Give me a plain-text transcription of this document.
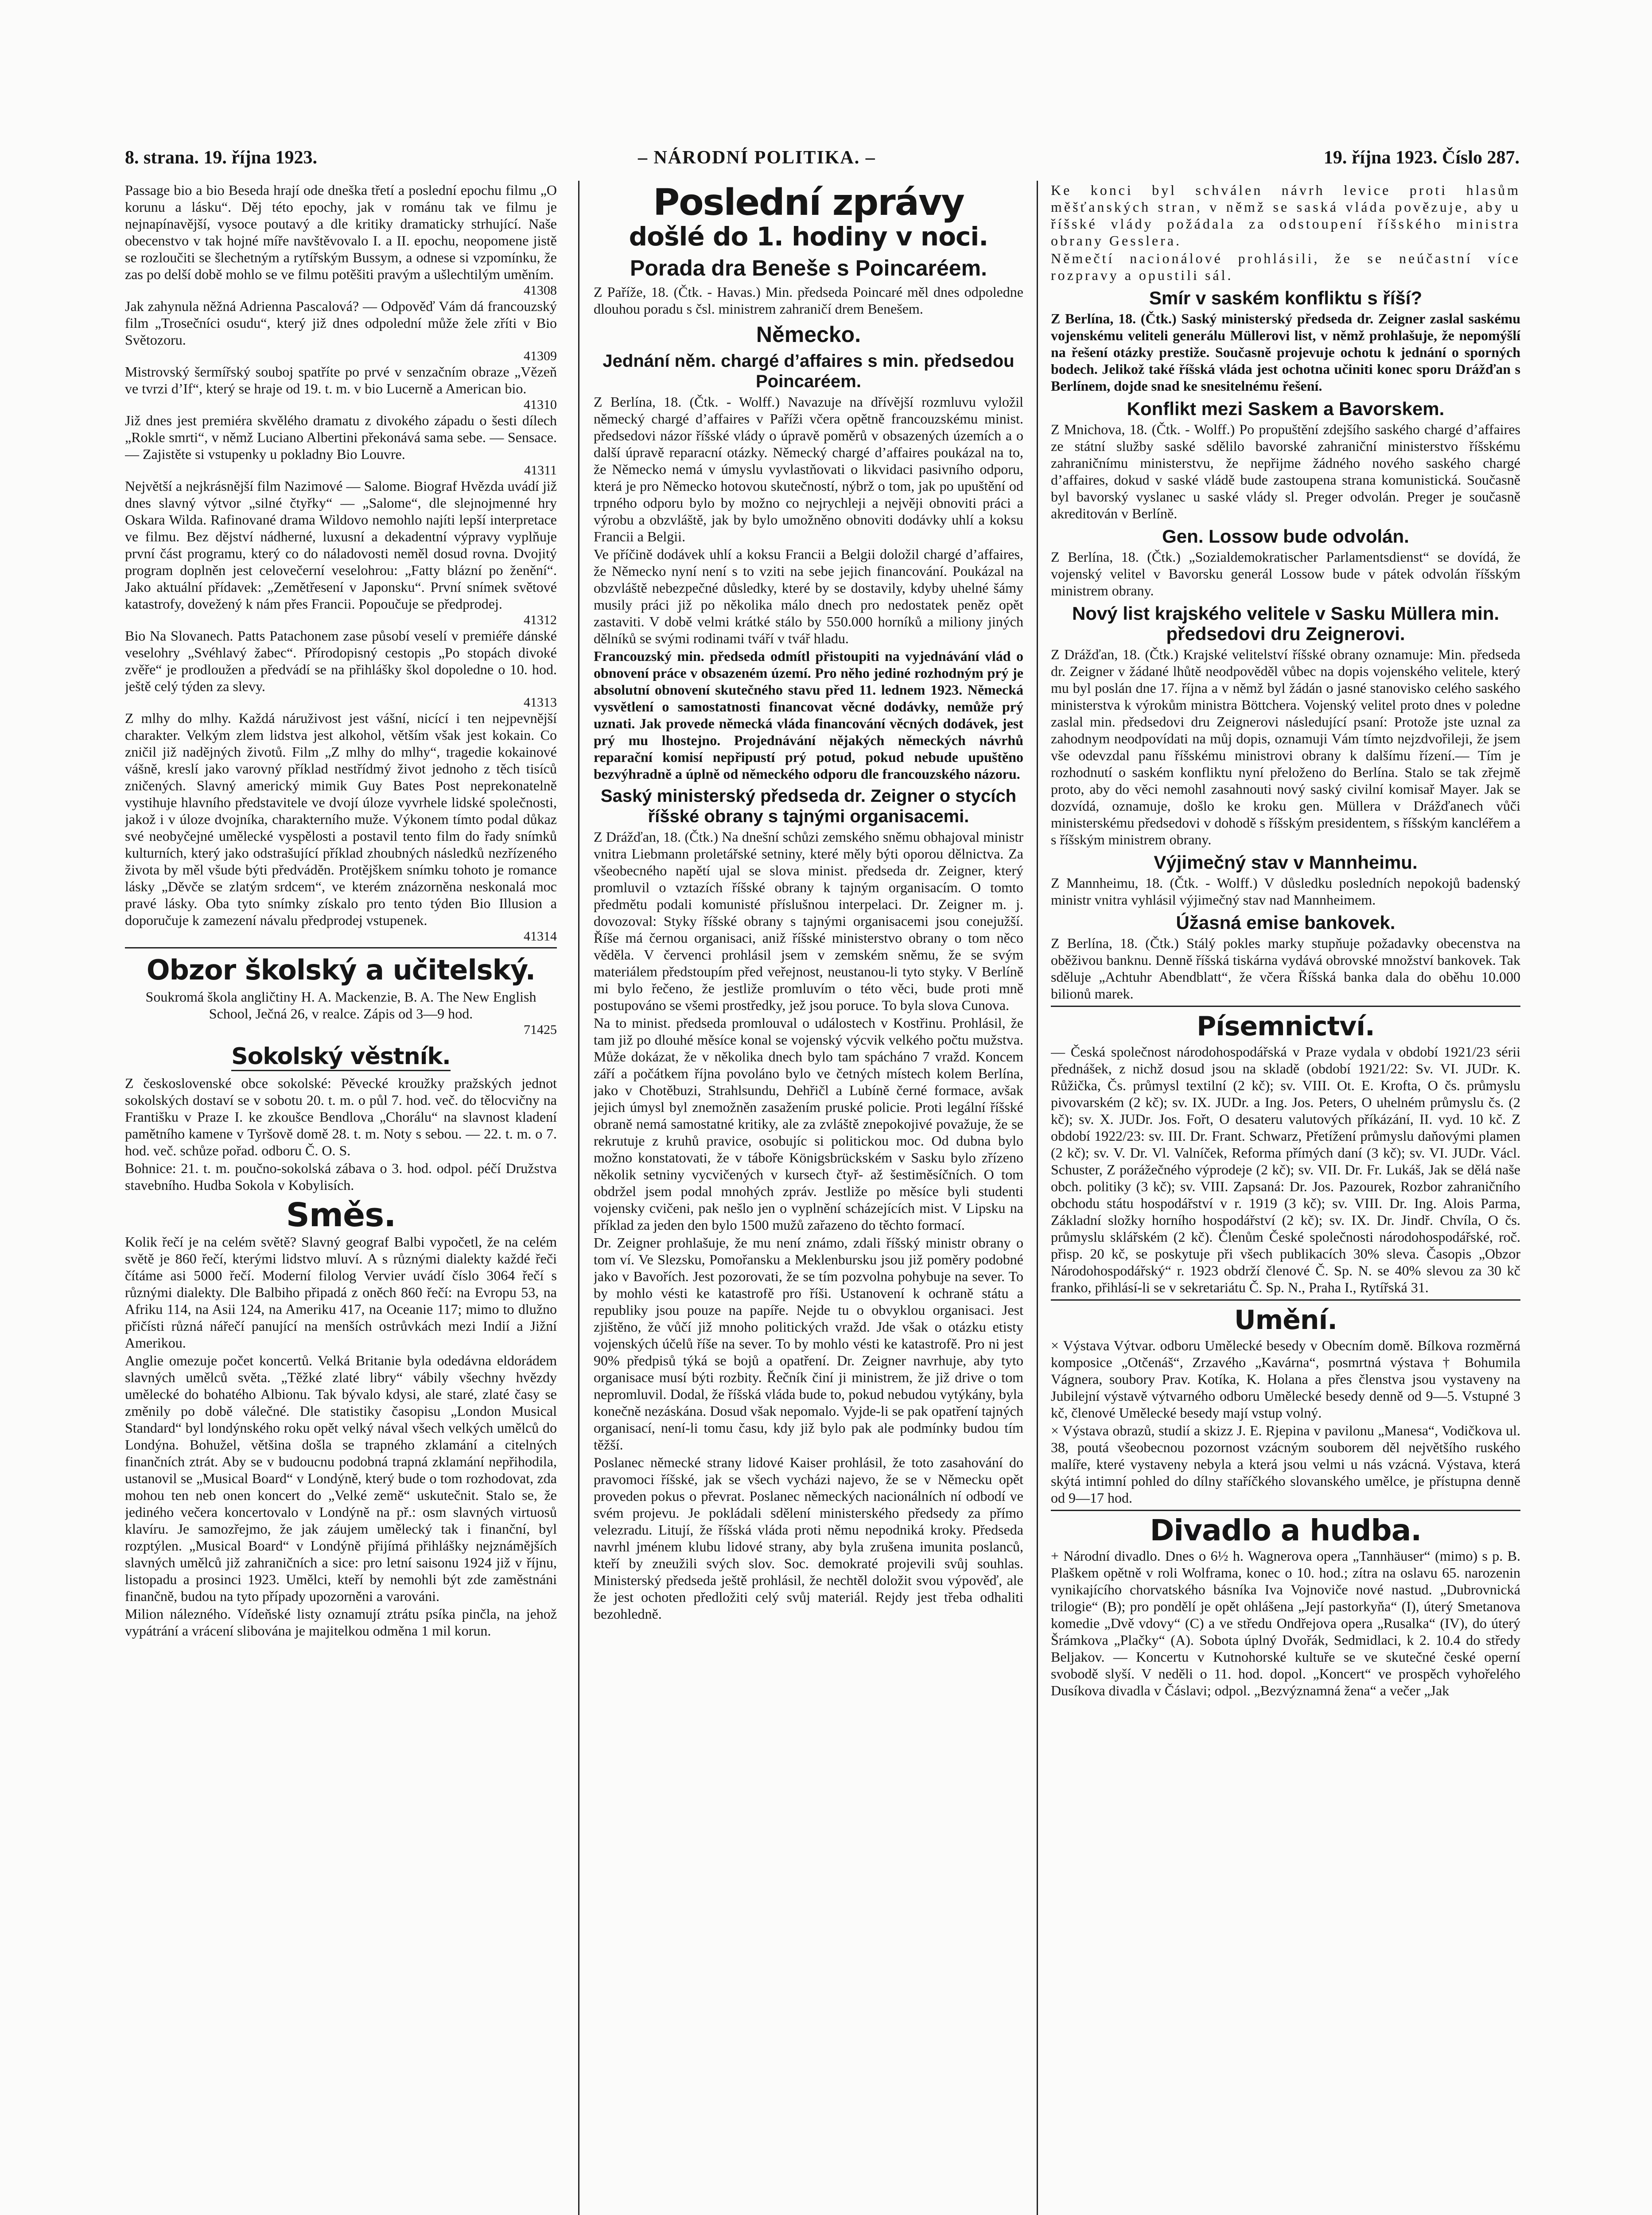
8. strana. 19. října 1923.	– NÁRODNÍ POLITIKA. –	19. října 1923. Číslo 287.
Passage bio a bio Beseda hrají ode dneška třetí a poslední epochu filmu „O korunu a lásku“. Děj této epochy, jak v románu tak ve filmu je nejnapínavější, vysoce poutavý a dle kritiky dramaticky strhující. Naše obecenstvo v tak hojné míře navštěvovalo I. a II. epochu, neopomene jistě se rozloučiti se šlechetným a rytířským Bussym, a odnese si vzpomínku, že zas po delší době mohlo se ve filmu potěšiti pravým a ušlechtilým uměním.
41308
Jak zahynula něžná Adrienna Pascalová? — Odpověď Vám dá francouzský film „Trosečníci osudu“, který již dnes odpolední může žele zříti v Bio Světozoru.
41309
Mistrovský šermířský souboj spatříte po prvé v senzačním obraze „Vězeň ve tvrzi d’If“, který se hraje od 19. t. m. v bio Lucerně a American bio.
41310
Již dnes jest premiéra skvělého dramatu z divokého západu o šesti dílech „Rokle smrti“, v němž Luciano Albertini překonává sama sebe. — Sensace. — Zajistěte si vstupenky u pokladny Bio Louvre.
41311
Největší a nejkrásnější film Nazimové — Salome. Biograf Hvězda uvádí již dnes slavný výtvor „silné čtyřky“ — „Salome“, dle slejnojmenné hry Oskara Wilda. Rafinované drama Wildovo nemohlo najíti lepší interpretace ve filmu. Bez dějství nádherné, luxusní a dekadentní výpravy vyplňuje první část programu, který co do náladovosti neměl dosud rovna. Dvojitý program doplněn jest celovečerní veselohrou: „Fatty blázní po ženění“. Jako aktuální přídavek: „Zemětřesení v Japonsku“. První snímek světové katastrofy, dovežený k nám přes Francii. Popoučuje se předprodej.
41312
Bio Na Slovanech. Patts Patachonem zase působí veselí v premiéře dánské veselohry „Svéhlavý žabec“. Přírodopisný cestopis „Po stopách divoké zvěře“ je prodloužen a předvádí se na přihlášky škol dopoledne o 10. hod. ještě celý týden za slevy.
41313
Z mlhy do mlhy. Každá náruživost jest vášní, nicící i ten nejpevnější charakter. Velkým zlem lidstva jest alkohol, větším však jest kokain. Co zničil již nadějných životů. Film „Z mlhy do mlhy“, tragedie kokainové vášně, kreslí jako varovný příklad nestřídmý život jednoho z těch tisíců zničených. Slavný americký mimik Guy Bates Post neprekonatelně vystihuje hlavního představitele ve dvojí úloze vyvrhele lidské společnosti, jakož i v úloze dvojníka, charakterního muže. Výkonem tímto podal důkaz své neobyčejné umělecké vyspělosti a postavil tento film do řady snímků kulturních, který jako odstrašující příklad zhoubných následků nezřízeného života by měl všude býti předváděn. Protějškem snímku tohoto je romance lásky „Děvče se zlatým srdcem“, ve kterém znázorněna neskonalá moc pravé lásky. Oba tyto snímky získalo pro tento týden Bio Illusion a doporučuje k zamezení návalu předprodej vstupenek.
41314
Obzor školský a učitelský.
Soukromá škola angličtiny H. A. Mackenzie, B. A. The New English School, Ječná 26, v realce. Zápis od 3—9 hod.
71425
Sokolský věstník.
Z československé obce sokolské: Pěvecké kroužky pražských jednot sokolských dostaví se v sobotu 20. t. m. o půl 7. hod. več. do tělocvičny na Františku v Praze I. ke zkoušce Bendlova „Chorálu“ na slavnost kladení pamětního kamene v Tyršově domě 28. t. m. Noty s sebou. — 22. t. m. o 7. hod. več. schůze pořad. odboru Č. O. S.
Bohnice: 21. t. m. poučno-sokolská zábava o 3. hod. odpol. péčí Družstva stavebního. Hudba Sokola v Kobylisích.
Směs.
Kolik řečí je na celém světě? Slavný geograf Balbi vypočetl, že na celém světě je 860 řečí, kterými lidstvo mluví. A s různými dialekty každé řeči čítáme asi 5000 řečí. Moderní filolog Vervier uvádí číslo 3064 řečí s různými dialekty. Dle Balbiho připadá z oněch 860 řečí: na Evropu 53, na Afriku 114, na Asii 124, na Ameriku 417, na Oceanie 117; mimo to dlužno přičísti různá nářečí panující na menších ostrůvkách mezi Indií a Jižní Amerikou.
Anglie omezuje počet koncertů. Velká Britanie byla odedávna eldorádem slavných umělců světa. „Těžké zlaté libry“ vábily všechny hvězdy umělecké do bohatého Albionu. Tak bývalo kdysi, ale staré, zlaté časy se změnily po době válečné. Dle statistiky časopisu „London Musical Standard“ byl londýnského roku opět velký nával všech velkých umělců do Londýna. Bohužel, většina došla se trapného zklamání a citelných finančních ztrát. Aby se v budoucnu podobná trapná zklamání nepřihodila, ustanovil se „Musical Board“ v Londýně, který bude o tom rozhodovat, zda mohou ten neb onen koncert do „Velké země“ uskutečnit. Stalo se, že jediného večera koncertovalo v Londýně na př.: osm slavných virtuosů klavíru. Je samozřejmo, že jak záujem umělecký tak i finanční, byl rozptýlen. „Musical Board“ v Londýně přijímá přihlášky nejznámějších slavných umělců již zahraničních a sice: pro letní saisonu 1924 již v říjnu, listopadu a prosinci 1923. Umělci, kteří by nemohli být zde zaměstnáni finančně, budou na tyto případy upozorněni a varováni.
Milion nálezného. Vídeňské listy oznamují ztrátu psíka pinčla, na jehož vypátrání a vrácení slibována je majitelkou odměna 1 mil korun.
Poslední zprávy
došlé do 1. hodiny v noci.
Porada dra Beneše s Poincaréem.
Z Paříže, 18. (Čtk. - Havas.) Min. předseda Poincaré měl dnes odpoledne dlouhou poradu s čsl. ministrem zahraničí drem Benešem.
Německo.
Jednání něm. chargé d’affaires s min. předsedou Poincaréem.
Z Berlína, 18. (Čtk. - Wolff.) Navazuje na dřívější rozmluvu vyložil německý chargé d’affaires v Paříži včera opětně francouzskému minist. předsedovi názor říšské vlády o úpravě poměrů v obsazených územích a o další úpravě reparacní otázky. Německý chargé d’affaires poukázal na to, že Německo nemá v úmyslu vyvlastňovati o likvidaci pasivního odporu, která je pro Německo hotovou skutečností, nýbrž o tom, jak po upuštění od trpného odporu bylo by možno co nejrychleji a nejvěji obnoviti práci a výrobu a obzvláště, jak by bylo umožněno obnoviti dodávky uhlí a koksu Francii a Belgii.
Ve příčině dodávek uhlí a koksu Francii a Belgii doložil chargé d’affaires, že Německo nyní není s to vziti na sebe jejich financování. Poukázal na obzvláště nebezpečné důsledky, které by se dostavily, kdyby uhelné šámy musily práci již po několika málo dnech pro nedostatek peněz opět zastaviti. V době velmi krátké stálo by 550.000 horníků a miliony jiných dělníků se svými rodinami tváří v tvář hladu.
Francouzský min. předseda odmítl přistoupiti na vyjednávání vlád o obnovení práce v obsazeném území. Pro něho jediné rozhodným prý je absolutní obnovení skutečného stavu před 11. lednem 1923. Německá vysvětlení o samostatnosti financovat věcné dodávky, nemůže prý uznati. Jak provede německá vláda financování věcných dodávek, jest prý mu lhostejno. Projednávání nějakých německých návrhů reparační komisí nepřipustí prý potud, pokud nebude upuštěno bezvýhradně a úplně od německého odporu dle francouzského názoru.
Saský ministerský předseda dr. Zeigner o stycích říšské obrany s tajnými organisacemi.
Z Drážďan, 18. (Čtk.) Na dnešní schůzi zemského sněmu obhajoval ministr vnitra Liebmann proletářské setniny, které měly býti oporou dělnictva. Za všeobecného napětí ujal se slova minist. předseda dr. Zeigner, který promluvil o vztazích říšské obrany k tajným organisacím. O tomto předmětu podali komunisté příslušnou interpelaci. Dr. Zeigner m. j. dovozoval: Styky říšské obrany s tajnými organisacemi jsou conejužší. Říše má černou organisaci, aniž říšské ministerstvo obrany o tom něco věděla. V červenci prohlásil jsem v zemském sněmu, že se svým materiálem předstoupím před veřejnost, neustanou-li tyto styky. V Berlíně mi bylo řečeno, že jestliže promluvím o této věci, bude proti mně postupováno se všemi prostředky, jež jsou poruce. To byla slova Cunova.
Na to minist. předseda promlouval o událostech v Kostřinu. Prohlásil, že tam již po dlouhé měsíce konal se vojenský výcvik velkého počtu mužstva. Může dokázat, že v několika dnech bylo tam spácháno 7 vražd. Koncem září a počátkem října povoláno bylo ve četných místech kolem Berlína, jako v Chotěbuzi, Strahlsundu, Dehřičl a Lubíně černé formace, avšak jejich úmysl byl znemožněn zasažením pruské policie. Proti legální říšské obraně nemá samostatné kritiky, ale za zvláště znepokojivé považuje, že se rekrutuje z kruhů pravice, osobujíc si politickou moc. Od dubna bylo možno konstatovati, že v táboře Königsbrückském v Sasku bylo zřízeno několik setniny vycvičených v kursech čtyř- až šestiměsíčních. O tom obdržel jsem podal mnohých zpráv. Jestliže po měsíce byli studenti vojensky cvičeni, pak nešlo jen o vyplnění scházejících mist. V Lipsku na příklad za jeden den bylo 1500 mužů zařazeno do těchto formací.
Dr. Zeigner prohlašuje, že mu není známo, zdali říšský ministr obrany o tom ví. Ve Slezsku, Pomořansku a Meklenbursku jsou již poměry podobné jako v Bavořích. Jest pozorovati, že se tím pozvolna pohybuje na sever. To by mohlo vésti ke katastrofě pro říši. Ustanovení k ochraně státu a republiky jsou pouze na papíře. Nejde tu o obvyklou organisaci. Jest zjištěno, že vůčí již mnoho politických vražd. Jde však o otázku etisty vojenských účelů říše na sever. To by mohlo vésti ke katastrofě. Pro ni jest 90% předpisů týká se bojů a opatření. Dr. Zeigner navrhuje, aby tyto organisace musí býti rozbity. Řečník činí ji ministrem, že již drive o tom nepromluvil. Dodal, že říšská vláda bude to, pokud nebudou vytýkány, byla konečně nezáskána. Dosud však nepomalo. Vyjde-li se pak opatření tajných organisací, není-li tomu času, kdy již bylo pak ale podmínky budou tím těžší.
Poslanec německé strany lidové Kaiser prohlásil, že toto zasahování do pravomoci říšské, jak se všech vycházi najevo, že se v Německu opět proveden pokus o převrat. Poslanec německých nacionálních ní odbodí ve svém projevu. Je pokládali sdělení ministerského předsedy za přímo velezradu. Litují, že říšská vláda proti němu nepodniká kroky. Předseda navrhl jménem klubu lidové strany, aby byla zrušena imunita poslanců, kteří by zneužili svých slov. Soc. demokraté projevili svůj souhlas. Ministerský předseda ještě prohlásil, že nechtěl doložit svou výpověď, ale že jest ochoten předložiti celý svůj materiál. Rejdy jest třeba odhaliti bezohledně.
Ke konci byl schválen návrh levice proti hlasům měšťanských stran, v němž se saská vláda povězuje, aby u říšské vlády požádala za odstoupení říšského ministra obrany Gesslera.
Němečtí nacionálové prohlásili, že se neúčastní více rozpravy a opustili sál.
Smír v saském konfliktu s říší?
Z Berlína, 18. (Čtk.) Saský ministerský předseda dr. Zeigner zaslal saskému vojenskému veliteli generálu Müllerovi list, v němž prohlašuje, že nepomýšlí na řešení otázky prestiže. Současně projevuje ochotu k jednání o sporných bodech. Jelikož také říšská vláda jest ochotna učiniti konec sporu Drážďan s Berlínem, dojde snad ke snesitelnému řešení.
Konflikt mezi Saskem a Bavorskem.
Z Mnichova, 18. (Čtk. - Wolff.) Po propuštění zdejšího saského chargé d’affaires ze státní služby saské sdělilo bavorské zahraniční ministerstvo říšskému zahraničnímu ministerstvu, že nepřijme žádného nového saského chargé d’affaires, dokud v saské vládě bude zastoupena strana komunistická. Současně byl bavorský vyslanec u saské vlády sl. Preger odvolán. Preger je současně akreditován v Berlíně.
Gen. Lossow bude odvolán.
Z Berlína, 18. (Čtk.) „Sozialdemokratischer Parlamentsdienst“ se dovídá, že vojenský velitel v Bavorsku generál Lossow bude v pátek odvolán říšským ministrem obrany.
Nový list krajského velitele v Sasku Müllera min. předsedovi dru Zeignerovi.
Z Drážďan, 18. (Čtk.) Krajské velitelství říšské obrany oznamuje: Min. předseda dr. Zeigner v žádané lhůtě neodpověděl vůbec na dopis vojenského velitele, který mu byl poslán dne 17. října a v němž byl žádán o jasné stanovisko celého saského ministerstva k výrokům ministra Böttchera. Vojenský velitel proto dnes v poledne zaslal min. předsedovi dru Zeignerovi následující psaní: Protože jste uznal za zahodnym neodpovídati na můj dopis, oznamuji Vám tímto nejzdvořileji, že jsem vše odevzdal panu říšskému ministrovi obrany k dalšímu řízení.— Tím je rozhodnutí o saském konfliktu nyní přeloženo do Berlína. Stalo se tak zřejmě proto, aby do věci nemohl zasahnouti nový saský civilní komisař Mayer. Jak se dozvídá, oznamuje, došlo ke kroku gen. Müllera v Drážďanech vůči ministerskému předsedovi v dohodě s říšským presidentem, s říšským kancléřem a s říšským ministrem obrany.
Výjimečný stav v Mannheimu.
Z Mannheimu, 18. (Čtk. - Wolff.) V důsledku posledních nepokojů badenský ministr vnitra vyhlásil výjimečný stav nad Mannheimem.
Úžasná emise bankovek.
Z Berlína, 18. (Čtk.) Stálý pokles marky stupňuje požadavky obecenstva na oběživou banknu. Denně říšská tiskárna vydává obrovské množství bankovek. Tak sděluje „Achtuhr Abendblatt“, že včera Říšská banka dala do oběhu 10.000 bilionů marek.
Písemnictví.
— Česká společnost národohospodářská v Praze vydala v období 1921/23 sérii přednášek, z nichž dosud jsou na skladě (období 1921/22: Sv. VI. JUDr. K. Růžička, Čs. průmysl textilní (2 kč); sv. VIII. Ot. E. Krofta, O čs. průmyslu pivovarském (2 kč); sv. IX. JUDr. a Ing. Jos. Peters, O uhelném průmyslu čs. (2 kč); sv. X. JUDr. Jos. Fořt, O desateru valutových příkázání, II. vyd. 10 kč. Z období 1922/23: sv. III. Dr. Frant. Schwarz, Přetížení průmyslu daňovými plamen (2 kč); sv. V. Dr. Vl. Valníček, Reforma přímých daní (3 kč); sv. VI. JUDr. Václ. Schuster, Z porážečného výprodeje (2 kč); sv. VII. Dr. Fr. Lukáš, Jak se dělá naše obch. politiky (3 kč); sv. VIII. Zapsaná: Dr. Jos. Pazourek, Rozbor zahraničního obchodu státu hospodářství v r. 1919 (3 kč); sv. VIII. Dr. Ing. Alois Parma, Základní složky horního hospodářství (2 kč); sv. IX. Dr. Jindř. Chvíla, O čs. průmyslu sklářském (2 kč). Členům České společnosti národohospodářské, roč. přisp. 20 kč, se poskytuje při všech publikacích 30% sleva. Časopis „Obzor Národohospodářský“ r. 1923 obdrží členové Č. Sp. N. se 40% slevou za 30 kč franko, přihlásí-li se v sekretariátu Č. Sp. N., Praha I., Rytířská 31.
Umění.
× Výstava Výtvar. odboru Umělecké besedy v Obecním domě. Bílkova rozměrná komposice „Otčenáš“, Zrzavého „Kavárna“, posmrtná výstava † Bohumila Vágnera, soubory Prav. Kotíka, K. Holana a přes členstva jsou vystaveny na Jubilejní výstavě výtvarného odboru Umělecké besedy denně od 9—5. Vstupné 3 kč, členové Umělecké besedy mají vstup volný.
× Výstava obrazů, studií a skizz J. E. Rjepina v pavilonu „Manesa“, Vodičkova ul. 38, poutá všeobecnou pozornost vzácným souborem děl největšího ruského malíře, které vystaveny nebyla a která jsou velmi u nás vzácná. Výstava, která skýtá intimní pohled do dílny staříčkého slovanského umělce, je přístupna denně od 9—17 hod.
Divadlo a hudba.
+ Národní divadlo. Dnes o 6½ h. Wagnerova opera „Tannhäuser“ (mimo) s p. B. Plaškem opětně v roli Wolframa, konec o 10. hod.; zítra na oslavu 65. narozenin vynikajícího chorvatského básníka Iva Vojnoviče nové nastud. „Dubrovnická trilogie“ (B); pro pondělí je opět ohlášena „Její pastorkyňa“ (I), úterý Smetanova komedie „Dvě vdovy“ (C) a ve středu Ondřejova opera „Rusalka“ (IV), do úterý Šrámkova „Plačky“ (A). Sobota úplný Dvořák, Sedmidlaci, k 2. 10.4 do středy Beljakov. — Koncertu v Kutnohorské kultuře se ve skutečné české operní svobodě slyší. V neděli o 11. hod. dopol. „Koncert“ ve prospěch vyhořelého Dusíkova divadla v Čáslavi; odpol. „Bezvýznamná žena“ a večer „Jak
